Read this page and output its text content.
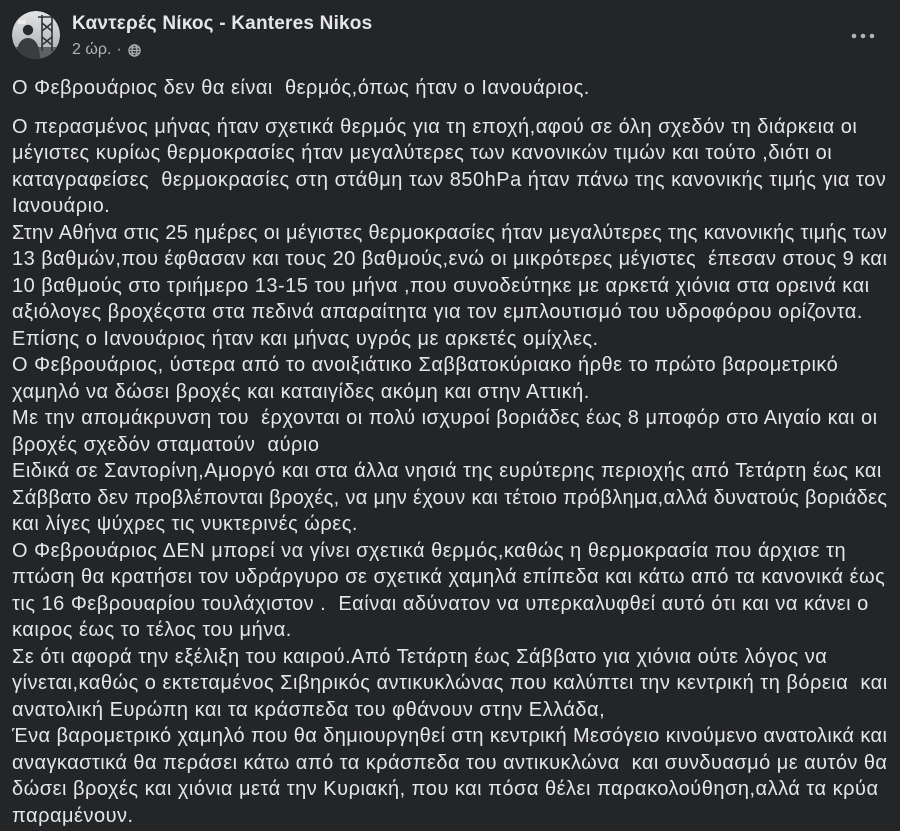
Καντερές Νίκος - Kanteres Nikos
2 ώρ. ·
Ο Φεβρουάριος δεν θα είναι  θερμός,όπως ήταν ο Ιανουάριος.
Ο περασμένος μήνας ήταν σχετικά θερμός για τη εποχή,αφού σε όλη σχεδόν τη διάρκεια οι
μέγιστες κυρίως θερμοκρασίες ήταν μεγαλύτερες των κανονικών τιμών και τούτο ,διότι οι
καταγραφείσες  θερμοκρασίες στη στάθμη των 850hPa ήταν πάνω της κανονικής τιμής για τον
Ιανουάριο.
Στην Αθήνα στις 25 ημέρες οι μέγιστες θερμοκρασίες ήταν μεγαλύτερες της κανονικής τιμής των
13 βαθμών,που έφθασαν και τους 20 βαθμούς,ενώ οι μικρότερες μέγιστες  έπεσαν στους 9 και
10 βαθμούς στο τριήμερο 13-15 του μήνα ,που συνοδεύτηκε με αρκετά χιόνια στα ορεινά και
αξιόλογες βροχέςστα στα πεδινά απαραίτητα για τον εμπλουτισμό του υδροφόρου ορίζοντα.
Επίσης ο Ιανουάριος ήταν και μήνας υγρός με αρκετές ομίχλες.
Ο Φεβρουάριος, ύστερα από το ανοιξιάτικο Σαββατοκύριακο ήρθε το πρώτο βαρομετρικό
χαμηλό να δώσει βροχές και καταιγίδες ακόμη και στην Αττική.
Με την απομάκρυνση του  έρχονται οι πολύ ισχυροί βοριάδες έως 8 μποφόρ στο Αιγαίο και οι
βροχές σχεδόν σταματούν  αύριο
Ειδικά σε Σαντορίνη,Αμοργό και στα άλλα νησιά της ευρύτερης περιοχής από Τετάρτη έως και
Σάββατο δεν προβλέπονται βροχές, να μην έχουν και τέτοιο πρόβλημα,αλλά δυνατούς βοριάδες
και λίγες ψύχρες τις νυκτερινές ώρες.
Ο Φεβρουάριος ΔΕΝ μπορεί να γίνει σχετικά θερμός,καθώς η θερμοκρασία που άρχισε τη
πτώση θα κρατήσει τον υδράργυρο σε σχετικά χαμηλά επίπεδα και κάτω από τα κανονικά έως
τις 16 Φεβρουαρίου τουλάχιστον .  Εαίναι αδύνατον να υπερκαλυφθεί αυτό ότι και να κάνει ο
καιρος έως το τέλος του μήνα.
Σε ότι αφορά την εξέλιξη του καιρού.Από Τετάρτη έως Σάββατο για χιόνια ούτε λόγος να
γίνεται,καθώς ο εκτεταμένος Σιβηρικός αντικυκλώνας που καλύπτει την κεντρική τη βόρεια  και
ανατολική Ευρώπη και τα κράσπεδα του φθάνουν στην Ελλάδα,
Ένα βαρομετρικό χαμηλό που θα δημιουργηθεί στη κεντρική Μεσόγειο κινούμενο ανατολικά και
αναγκαστικά θα περάσει κάτω από τα κράσπεδα του αντικυκλώνα  και συνδυασμό με αυτόν θα
δώσει βροχές και χιόνια μετά την Κυριακή, που και πόσα θέλει παρακολούθηση,αλλά τα κρύα
παραμένουν.
